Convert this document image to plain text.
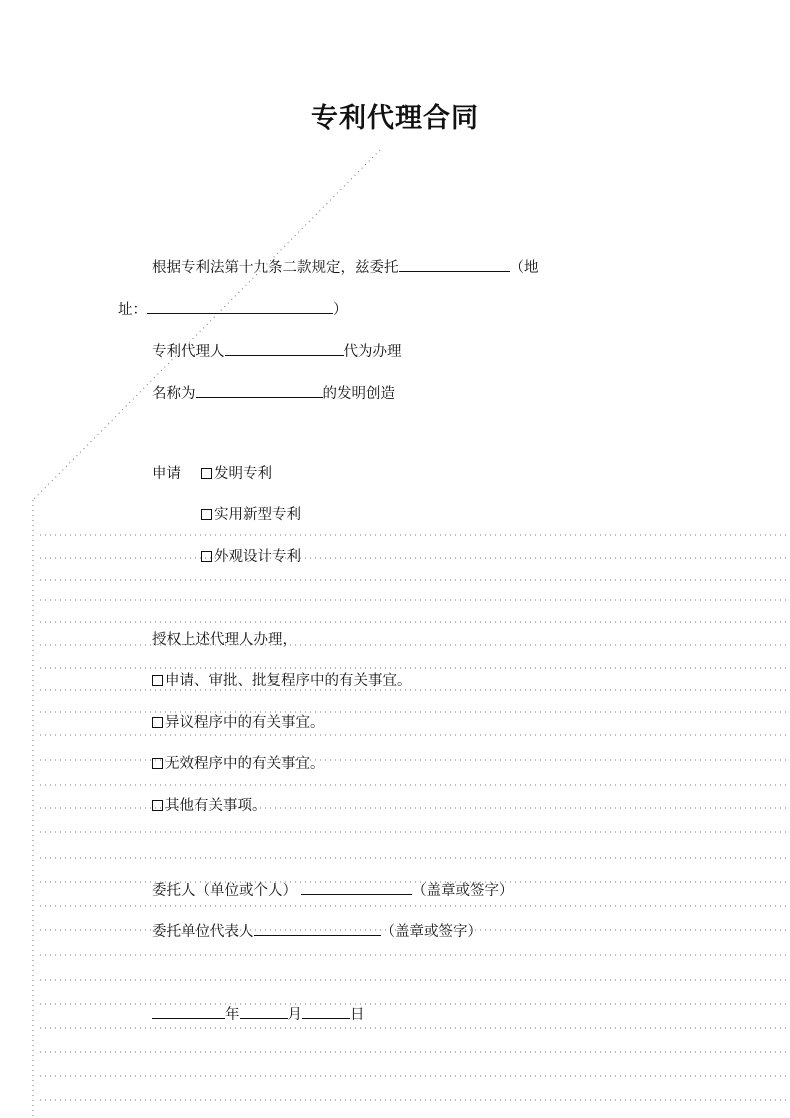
专利代理合同
根据专利法第十九条二款规定，兹委托	（地
址：	）
专利代理人	代为办理
名称为	的发明创造
申请	发明专利
实用新型专利
外观设计专利
授权上述代理人办理，
申请、审批、批复程序中的有关事宜。
异议程序中的有关事宜。
无效程序中的有关事宜。
其他有关事项。
委托人（单位或个人）	（盖章或签字）
委托单位代表人	（盖章或签字）
年	月	日
